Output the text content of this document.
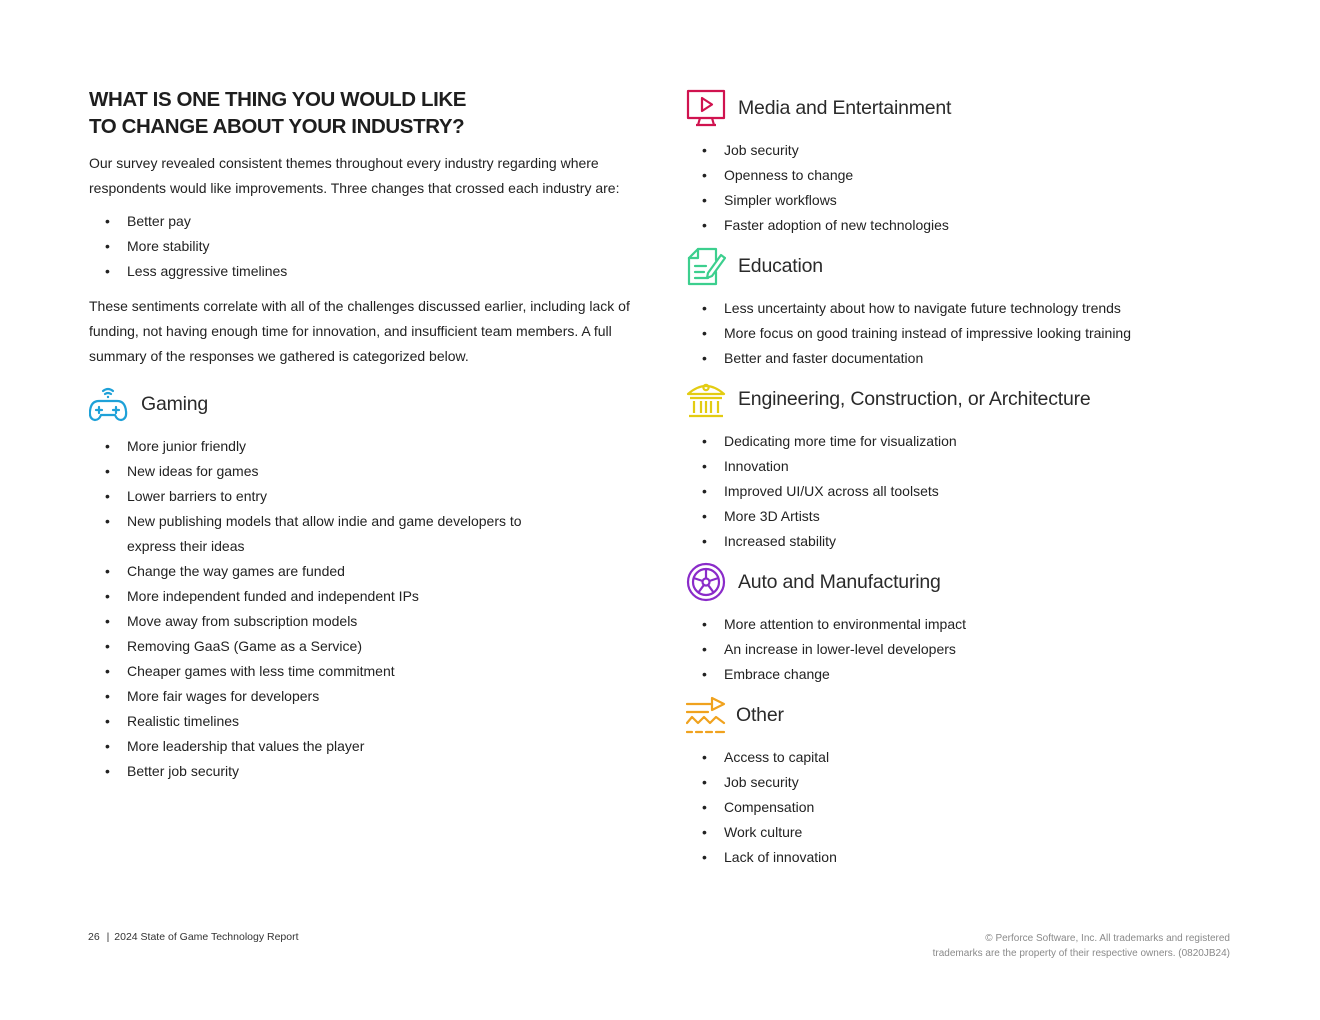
WHAT IS ONE THING YOU WOULD LIKE
TO CHANGE ABOUT YOUR INDUSTRY?

Our survey revealed consistent themes throughout every industry regarding where respondents would like improvements. Three changes that crossed each industry are:

• Better pay
• More stability
• Less aggressive timelines

These sentiments correlate with all of the challenges discussed earlier, including lack of funding, not having enough time for innovation, and insufficient team members. A full summary of the responses we gathered is categorized below.

Gaming
• More junior friendly
• New ideas for games
• Lower barriers to entry
• New publishing models that allow indie and game developers to express their ideas
• Change the way games are funded
• More independent funded and independent IPs
• Move away from subscription models
• Removing GaaS (Game as a Service)
• Cheaper games with less time commitment
• More fair wages for developers
• Realistic timelines
• More leadership that values the player
• Better job security
Media and Entertainment
• Job security
• Openness to change
• Simpler workflows
• Faster adoption of new technologies
Education
• Less uncertainty about how to navigate future technology trends
• More focus on good training instead of impressive looking training
• Better and faster documentation
Engineering, Construction, or Architecture
• Dedicating more time for visualization
• Innovation
• Improved UI/UX across all toolsets
• More 3D Artists
• Increased stability
Auto and Manufacturing
• More attention to environmental impact
• An increase in lower-level developers
• Embrace change
Other
• Access to capital
• Job security
• Compensation
• Work culture
• Lack of innovation
26 | 2024 State of Game Technology Report	© Perforce Software, Inc. All trademarks and registered
trademarks are the property of their respective owners. (0820JB24)
